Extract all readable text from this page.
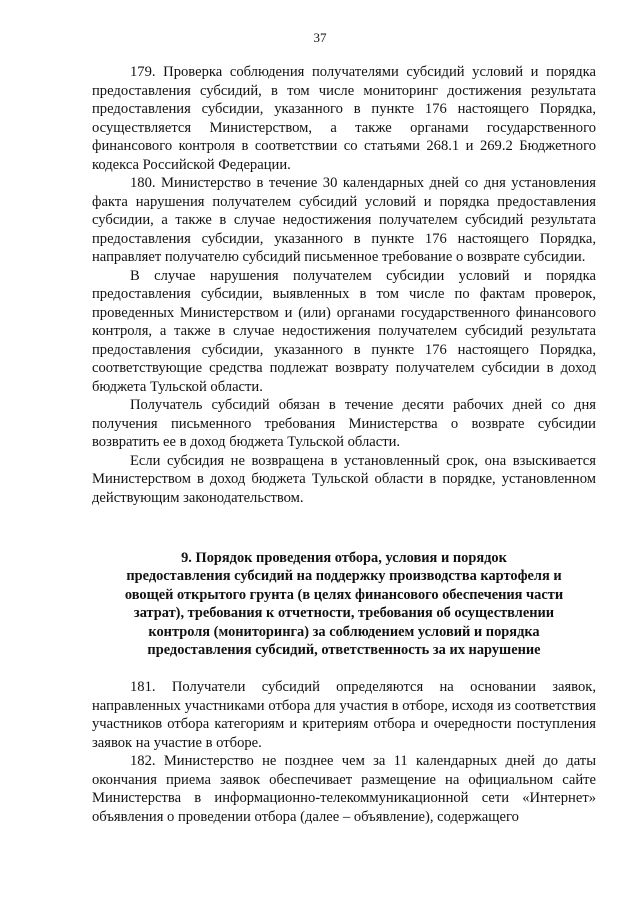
37

179. Проверка соблюдения получателями субсидий условий и порядка предоставления субсидий, в том числе мониторинг достижения результата предоставления субсидии, указанного в пункте 176 настоящего Порядка, осуществляется Министерством, а также органами государственного финансового контроля в соответствии со статьями 268.1 и 269.2 Бюджетного кодекса Российской Федерации.

180. Министерство в течение 30 календарных дней со дня установления факта нарушения получателем субсидий условий и порядка предоставления субсидии, а также в случае недостижения получателем субсидий результата предоставления субсидии, указанного в пункте 176 настоящего Порядка, направляет получателю субсидий письменное требование о возврате субсидии.

В случае нарушения получателем субсидии условий и порядка предоставления субсидии, выявленных в том числе по фактам проверок, проведенных Министерством и (или) органами государственного финансового контроля, а также в случае недостижения получателем субсидий результата предоставления субсидии, указанного в пункте 176 настоящего Порядка, соответствующие средства подлежат возврату получателем субсидии в доход бюджета Тульской области.

Получатель субсидий обязан в течение десяти рабочих дней со дня получения письменного требования Министерства о возврате субсидии возвратить ее в доход бюджета Тульской области.

Если субсидия не возвращена в установленный срок, она взыскивается Министерством в доход бюджета Тульской области в порядке, установленном действующим законодательством.

9. Порядок проведения отбора, условия и порядок
предоставления субсидий на поддержку производства картофеля и
овощей открытого грунта (в целях финансового обеспечения части
затрат), требования к отчетности, требования об осуществлении
контроля (мониторинга) за соблюдением условий и порядка
предоставления субсидий, ответственность за их нарушение

181. Получатели субсидий определяются на основании заявок, направленных участниками отбора для участия в отборе, исходя из соответствия участников отбора категориям и критериям отбора и очередности поступления заявок на участие в отборе.

182. Министерство не позднее чем за 11 календарных дней до даты окончания приема заявок обеспечивает размещение на официальном сайте Министерства в информационно-телекоммуникационной сети «Интернет» объявления о проведении отбора (далее – объявление), содержащего
